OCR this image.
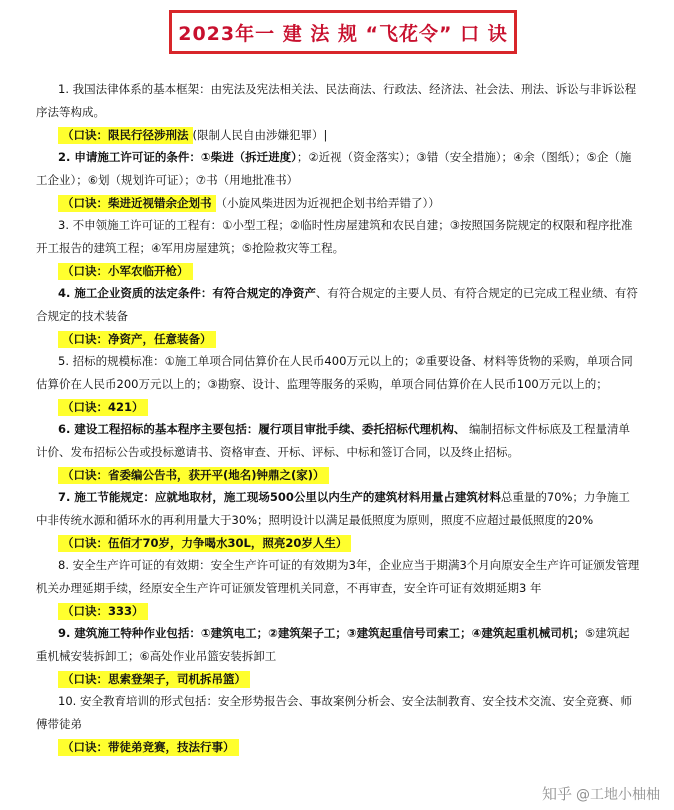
2023年一 建 法 规 “飞花令” 口 诀

1. 我国法律体系的基本框架：由宪法及宪法相关法、民法商法、行政法、经济法、社会法、刑法、诉讼与非诉讼程序法等构成。

（口诀：限民行径涉刑法 (限制人民自由涉嫌犯罪）|

2. 申请施工许可证的条件：①柴进（拆迁进度）；②近视（资金落实）；③错（安全措施）；④余（图纸）；⑤企（施工企业）；⑥划（规划许可证）；⑦书（用地批准书）

（口诀：柴进近视错余企划书 （小旋风柴进因为近视把企划书给弄错了））

3. 不申领施工许可证的工程有：①小型工程；②临时性房屋建筑和农民自建；③按照国务院规定的权限和程序批准开工报告的建筑工程；④军用房屋建筑；⑤抢险救灾等工程。

（口诀：小军农临开枪）

4. 施工企业资质的法定条件：有符合规定的净资产、有符合规定的主要人员、有符合规定的已完成工程业绩、有符合规定的技术装备

（口诀：净资产，任意装备）

5. 招标的规模标准：①施工单项合同估算价在人民币400万元以上的；②重要设备、材料等货物的采购，单项合同估算价在人民币200万元以上的；③勘察、设计、监理等服务的采购，单项合同估算价在人民币100万元以上的；

（口诀：421）

6. 建设工程招标的基本程序主要包括：履行项目审批手续、委托招标代理机构、 编制招标文件标底及工程量清单计价、发布招标公告或投标邀请书、资格审查、开标、评标、中标和签订合同，以及终止招标。

（口诀：省委编公告书，获开平(地名)钟鼎之(家)）

7. 施工节能规定：应就地取材，施工现场500公里以内生产的建筑材料用量占建筑材料总重量的70%；力争施工中非传统水源和循环水的再利用量大于30%；照明设计以满足最低照度为原则，照度不应超过最低照度的20%

（口诀：伍佰才70岁，力争喝水30L，照亮20岁人生）

8. 安全生产许可证的有效期：安全生产许可证的有效期为3年，企业应当于期满3个月向原安全生产许可证颁发管理机关办理延期手续，经原安全生产许可证颁发管理机关同意，不再审查，安全许可证有效期延期3 年

（口诀：333）

9. 建筑施工特种作业包括：①建筑电工；②建筑架子工；③建筑起重信号司索工；④建筑起重机械司机；⑤建筑起重机械安装拆卸工；⑥高处作业吊篮安装拆卸工

（口诀：思索登架子，司机拆吊篮）

10. 安全教育培训的形式包括：安全形势报告会、事故案例分析会、安全法制教育、安全技术交流、安全竞赛、师傅带徒弟

（口诀：带徒弟竞赛，技法行事）
知乎 @工地小柚柚
